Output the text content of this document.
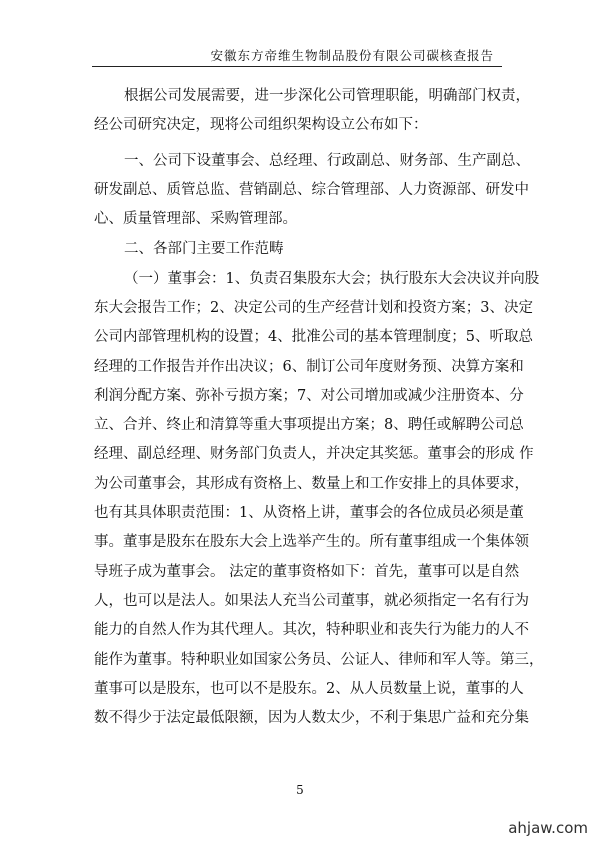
安徽东方帝维生物制品股份有限公司碳核查报告
根据公司发展需要，进一步深化公司管理职能，明确部门权责，
经公司研究决定，现将公司组织架构设立公布如下：
一、公司下设董事会、总经理、行政副总、财务部、生产副总、
研发副总、质管总监、营销副总、综合管理部、人力资源部、研发中
心、质量管理部、采购管理部。
二、各部门主要工作范畴
（一）董事会：1、负责召集股东大会；执行股东大会决议并向股
东大会报告工作；2、决定公司的生产经营计划和投资方案；3、决定
公司内部管理机构的设置；4、批准公司的基本管理制度；5、听取总
经理的工作报告并作出决议；6、制订公司年度财务预、决算方案和
利润分配方案、弥补亏损方案；7、对公司增加或减少注册资本、分
立、合并、终止和清算等重大事项提出方案；8、聘任或解聘公司总
经理、副总经理、财务部门负责人，并决定其奖惩。董事会的形成 作
为公司董事会，其形成有资格上、数量上和工作安排上的具体要求，
也有其具体职责范围：1、从资格上讲，董事会的各位成员必须是董
事。董事是股东在股东大会上选举产生的。所有董事组成一个集体领
导班子成为董事会。 法定的董事资格如下：首先，董事可以是自然
人，也可以是法人。如果法人充当公司董事，就必须指定一名有行为
能力的自然人作为其代理人。其次，特种职业和丧失行为能力的人不
能作为董事。特种职业如国家公务员、公证人、律师和军人等。第三，
董事可以是股东，也可以不是股东。2、从人员数量上说，董事的人
数不得少于法定最低限额，因为人数太少，不利于集思广益和充分集
5
ahjaw.com
